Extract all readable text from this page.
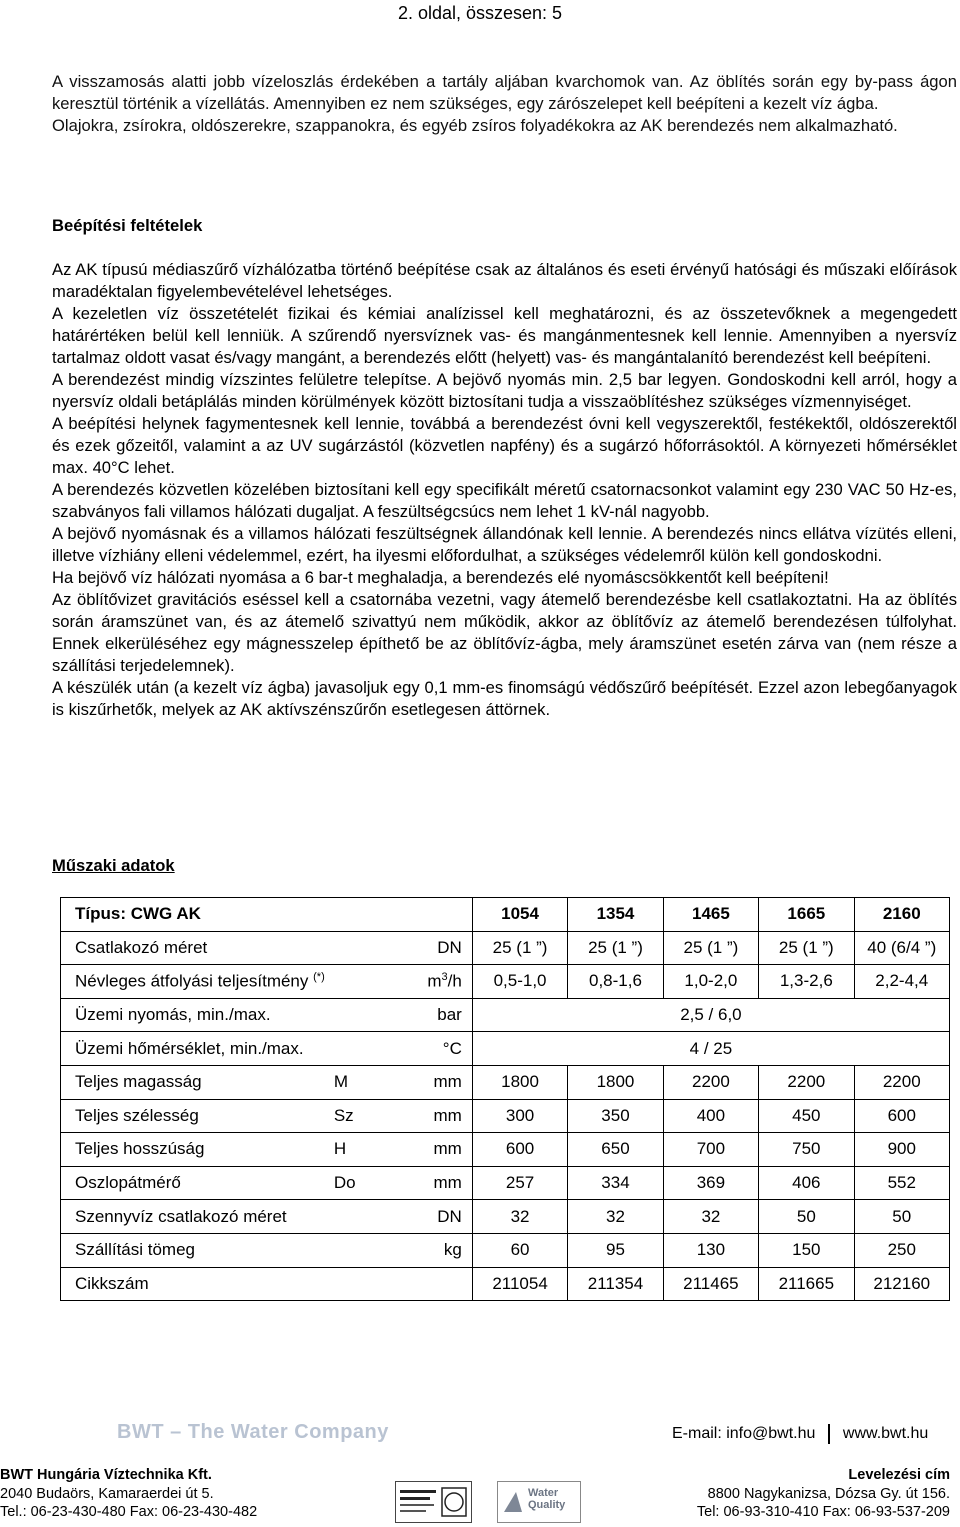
2. oldal, összesen: 5

A visszamosás alatti jobb vízeloszlás érdekében a tartály aljában kvarchomok van. Az öblítés során egy by-pass ágon keresztül történik a vízellátás. Amennyiben ez nem szükséges, egy zárószelepet kell beépíteni a kezelt víz ágba.

Olajokra, zsírokra, oldószerekre, szappanokra, és egyéb zsíros folyadékokra az AK berendezés nem alkalmazható.

Beépítési feltételek

Az AK típusú médiaszűrő vízhálózatba történő beépítése csak az általános és eseti érvényű hatósági és műszaki előírások maradéktalan figyelembevételével lehetséges.

A kezeletlen víz összetételét fizikai és kémiai analízissel kell meghatározni, és az összetevőknek a megengedett határértéken belül kell lenniük. A szűrendő nyersvíznek vas- és mangánmentesnek kell lennie. Amennyiben a nyersvíz tartalmaz oldott vasat és/vagy mangánt, a berendezés előtt (helyett) vas- és mangántalanító berendezést kell beépíteni.

A berendezést mindig vízszintes felületre telepítse. A bejövő nyomás min. 2,5 bar legyen. Gondoskodni kell arról, hogy a nyersvíz oldali betáplálás minden körülmények között biztosítani tudja a visszaöblítéshez szükséges vízmennyiséget.

A beépítési helynek fagymentesnek kell lennie, továbbá a berendezést óvni kell vegyszerektől, festékektől, oldószerektől és ezek gőzeitől, valamint a az UV sugárzástól (közvetlen napfény) és a sugárzó hőforrásoktól. A környezeti hőmérséklet max. 40°C lehet.

A berendezés közvetlen közelében biztosítani kell egy specifikált méretű csatornacsonkot valamint egy 230 VAC 50 Hz-es, szabványos fali villamos hálózati dugaljat. A feszültségcsúcs nem lehet 1 kV-nál nagyobb.

A bejövő nyomásnak és a villamos hálózati feszültségnek állandónak kell lennie. A berendezés nincs ellátva vízütés elleni, illetve vízhiány elleni védelemmel, ezért, ha ilyesmi előfordulhat, a szükséges védelemről külön kell gondoskodni.

Ha bejövő víz hálózati nyomása a 6 bar-t meghaladja, a berendezés elé nyomáscsökkentőt kell beépíteni!

Az öblítővizet gravitációs eséssel kell a csatornába vezetni, vagy átemelő berendezésbe kell csatlakoztatni. Ha az öblítés során áramszünet van, és az átemelő szivattyú nem működik, akkor az öblítővíz az átemelő berendezésen túlfolyhat. Ennek elkerüléséhez egy mágnesszelep építhető be az öblítővíz-ágba, mely áramszünet esetén zárva van (nem része a szállítási terjedelemnek).

A készülék után (a kezelt víz ágba) javasoljuk egy 0,1 mm-es finomságú védőszűrő beépítését. Ezzel azon lebegőanyagok is kiszűrhetők, melyek az AK aktívszénszűrőn esetlegesen áttörnek.

Műszaki adatok
Típus: CWG AK	1054	1354	1465	1665	2160

Csatlakozó méret DN	25 (1 ”)	25 (1 ”)	25 (1 ”)	25 (1 ”)	40 (6/4 ”)

Névleges átfolyási teljesítmény (*) $m^3/h$	0,5-1,0	0,8-1,6	1,0-2,0	1,3-2,6	2,2-4,4

Üzemi nyomás, min./max. bar	2,5 / 6,0				

Üzemi hőmérséklet, min./max. °C	4 / 25				

Teljes magasság M mm	1800	1800	2200	2200	2200

Teljes szélesség Sz mm	300	350	400	450	600

Teljes hosszúság H mm	600	650	700	750	900

Oszlopátmérő Do mm	257	334	369	406	552

Szennyvíz csatlakozó méret DN	32	32	32	50	50

Szállítási tömeg kg	60	95	130	150	250

Cikkszám	211054	211354	211465	211665	212160
BWT – The Water Company	E-mail: info@bwt.hu www.bwt.hu
BWT Hungária Víztechnika Kft.
2040 Budaörs, Kamaraerdei út 5.
Tel.: 06-23-430-480 Fax: 06-23-430-482
Water
Quality
Levelezési cím
8800 Nagykanizsa, Dózsa Gy. út 156.
Tel: 06-93-310-410 Fax: 06-93-537-209
